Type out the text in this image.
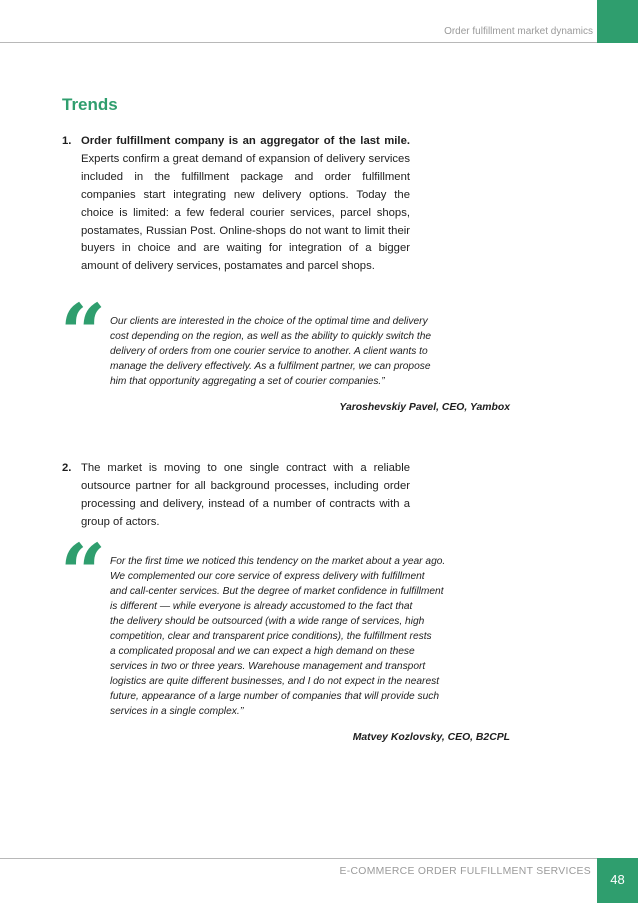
Order fulfillment market dynamics
Trends
1. Order fulfillment company is an aggregator of the last mile. Experts confirm a great demand of expansion of delivery services included in the fulfillment package and order fulfillment companies start integrating new delivery options. Today the choice is limited: a few federal courier services, parcel shops, postamates, Russian Post. Online-shops do not want to limit their buyers in choice and are waiting for integration of a bigger amount of delivery services, postamates and parcel shops.
“ Our clients are interested in the choice of the optimal time and delivery
cost depending on the region, as well as the ability to quickly switch the
delivery of orders from one courier service to another. A client wants to
manage the delivery effectively. As a fulfilment partner, we can propose
him that opportunity aggregating a set of courier companies.”
Yaroshevskiy Pavel, CEO, Yambox
2. The market is moving to one single contract with a reliable outsource partner for all background processes, including order processing and delivery, instead of a number of contracts with a group of actors.
“ For the first time we noticed this tendency on the market about a year ago.
We complemented our core service of express delivery with fulfillment
and call-center services. But the degree of market confidence in fulfillment
is different — while everyone is already accustomed to the fact that
the delivery should be outsourced (with a wide range of services, high
competition, clear and transparent price conditions), the fulfillment rests
a complicated proposal and we can expect a high demand on these
services in two or three years. Warehouse management and transport
logistics are quite different businesses, and I do not expect in the nearest
future, appearance of a large number of companies that will provide such
services in a single complex.’’
Matvey Kozlovsky, CEO, B2CPL
E-COMMERCE ORDER FULFILLMENT SERVICES
48
